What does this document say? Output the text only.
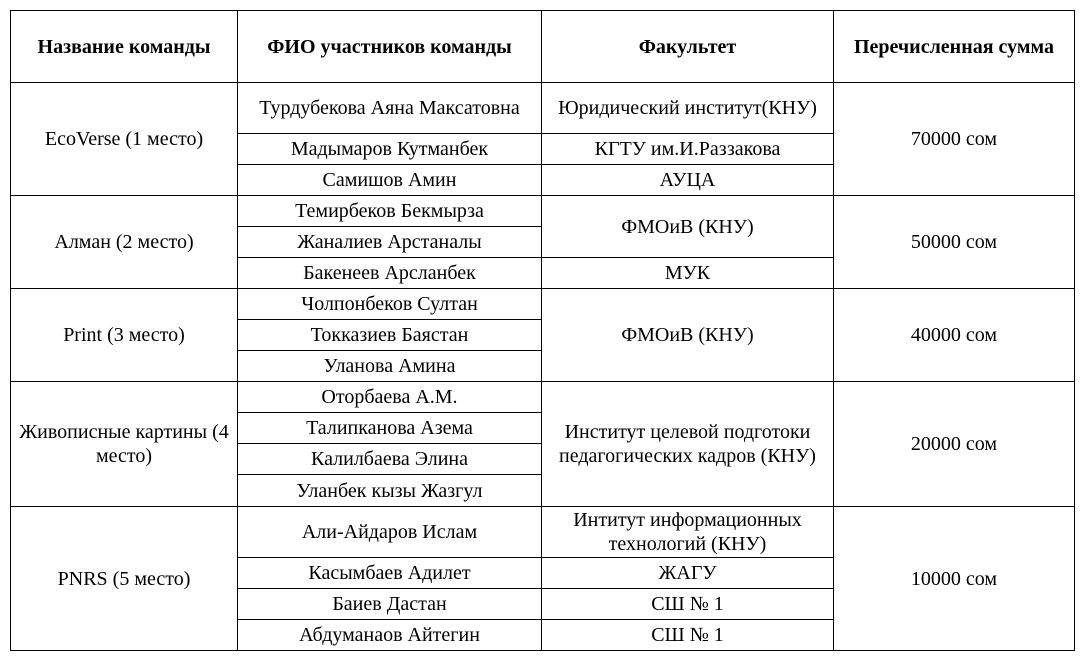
Название команды	ФИО участников команды	Факультет	Перечисленная сумма
EcoVerse (1 место)	Турдубекова Аяна Максатовна	Юридический институт(КНУ)	70000 сом
	Мадымаров Кутманбек	КГТУ им.И.Раззакова	
	Самишов Амин	АУЦА	
Алман (2 место)	Темирбеков Бекмырза	ФМОиВ (КНУ)	50000 сом
	Жаналиев Арстаналы		
	Бакенеев Арсланбек	МУК	
Print (3 место)	Чолпонбеков Султан	ФМОиВ (КНУ)	40000 сом
	Токказиев Баястан		
	Уланова Амина		
Живописные картины (4 место)	Оторбаева А.М.	Институт целевой подготоки педагогических кадров (КНУ)	20000 сом
	Талипканова Азема		
	Калилбаева Элина		
	Уланбек кызы Жазгул		
PNRS (5 место)	Али-Айдаров Ислам	Интитут информационных технологий (КНУ)	10000 сом
	Касымбаев Адилет	ЖАГУ	
	Баиев Дастан	СШ № 1	
	Абдуманаов Айтегин	СШ № 1	
